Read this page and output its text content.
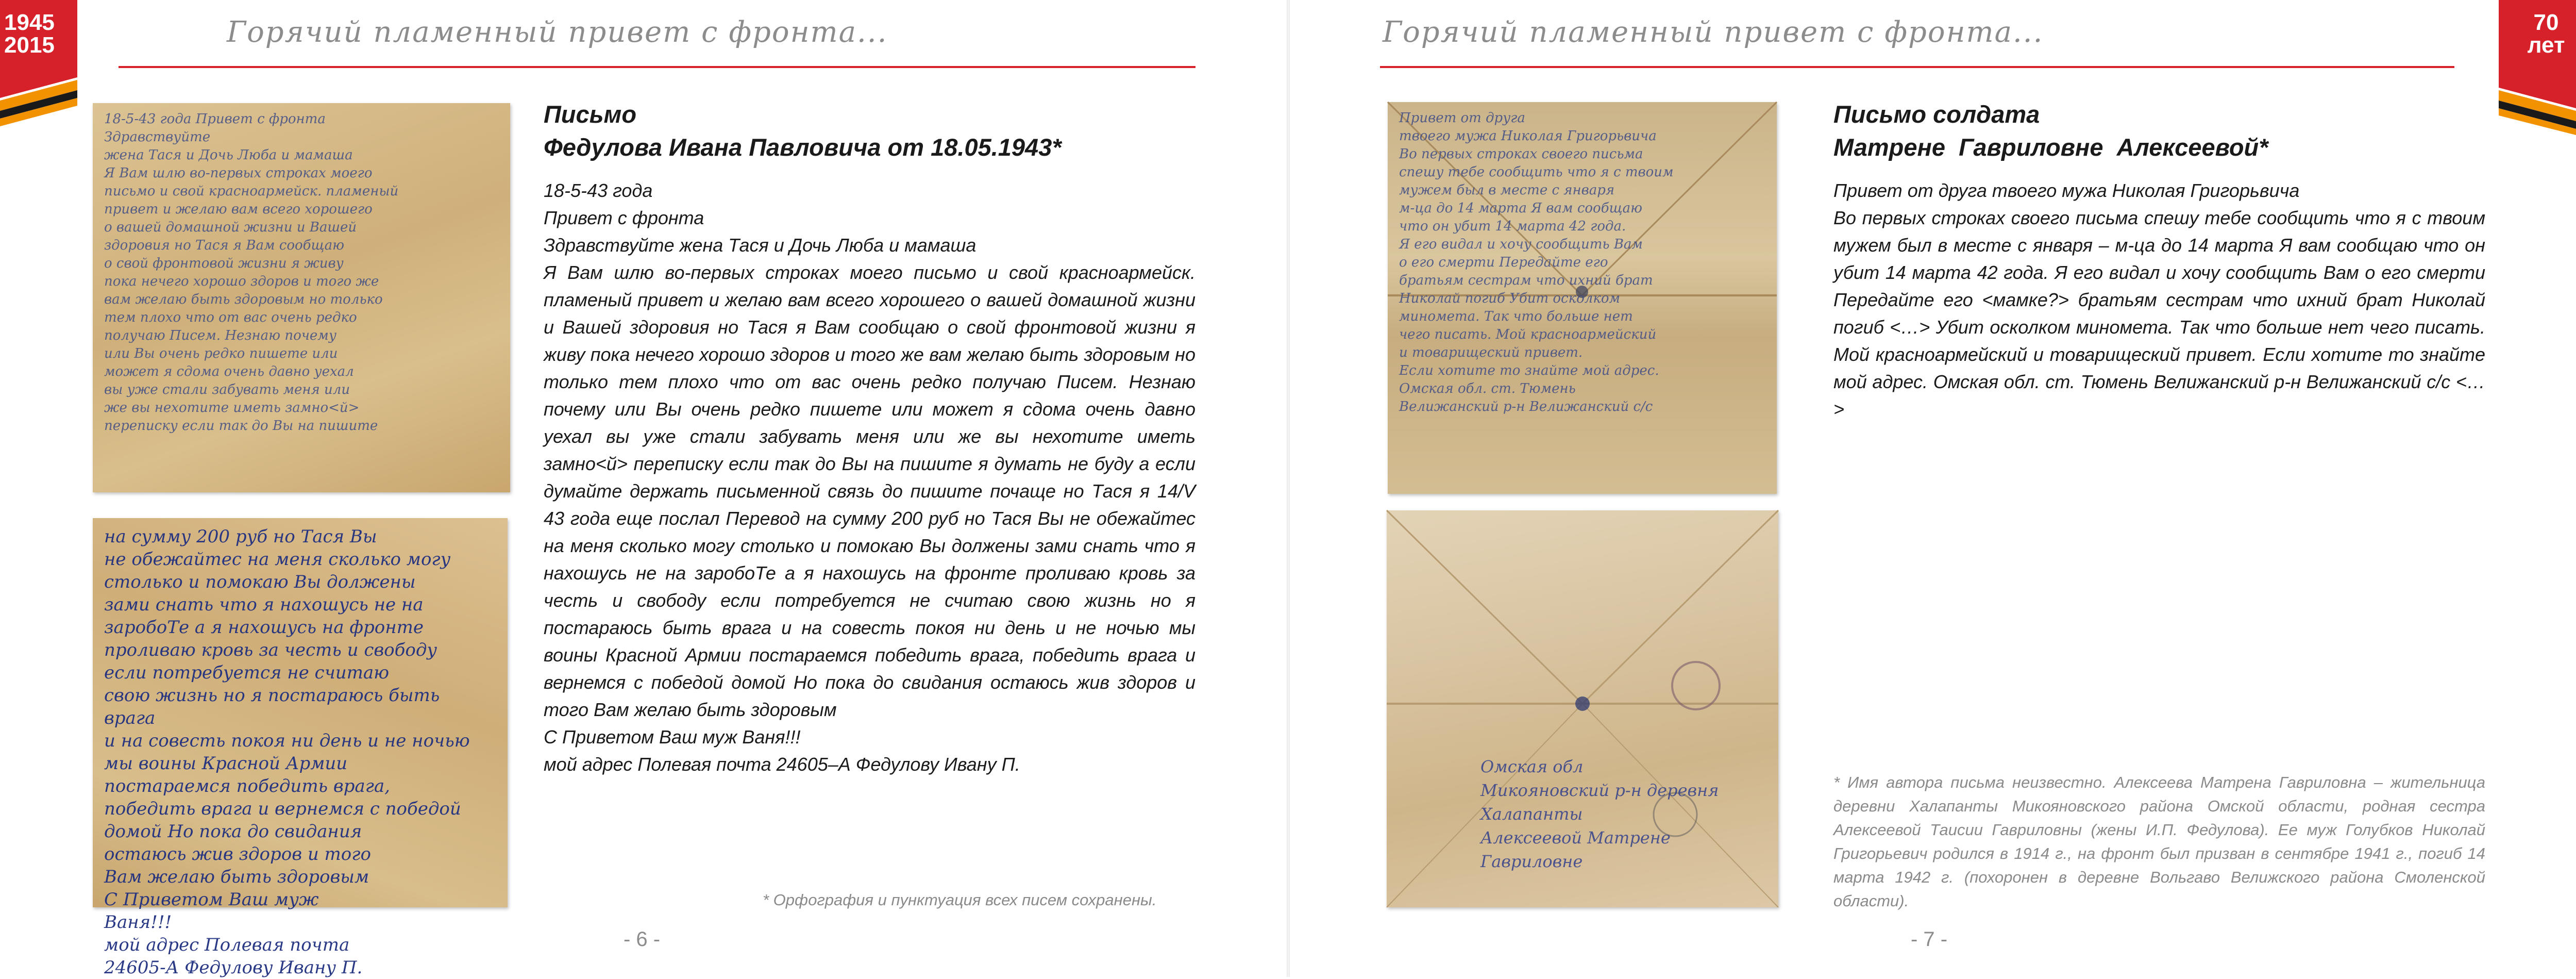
1945
2015	Горячий пламенный привет с фронта...
18-5-43 года Привет с фронта
Здравствуйте
жена Тася и Дочь Люба и мамаша
Я Вам шлю во-первых строках моего
письмо и свой красноармейск. пламеный
привет и желаю вам всего хорошего
о вашей домашной жизни и Вашей
здоровия но Тася я Вам сообщаю
о свой фронтовой жизни я живу
пока нечего хорошо здоров и того же
вам желаю быть здоровым но только
тем плохо что от вас очень редко
получаю Писем. Незнаю почему
или Вы очень редко пишете или
может я сдома очень давно уехал
вы уже стали забувать меня или
же вы нехотите иметь замно<й>
переписку если так до Вы на пишите
на сумму 200 руб но Тася Вы
не обежайтес на меня сколько могу
столько и помокаю Вы должены
зами снать что я нахошусь не на
заробоТе а я нахошусь на фронте
проливаю кровь за честь и свободу
если потребуется не считаю
свою жизнь но я постараюсь быть врага
и на совесть покоя ни день и не ночью
мы воины Красной Армии
постараемся победить врага,
победить врага и вернемся с победой
домой Но пока до свидания
остаюсь жив здоров и того
Вам желаю быть здоровым
С Приветом Ваш муж
Ваня!!!
мой адрес Полевая почта
24605-А Федулову Ивану П.
Письмо
Федулова Ивана Павловича от 18.05.1943*

18-5-43 года

Привет с фронта

Здравствуйте жена Тася и Дочь Люба и мамаша

Я Вам шлю во-первых строках моего письмо и свой красноармейск. пламеный привет и желаю вам всего хорошего о вашей домашной жизни и Вашей здоровия но Тася я Вам сообщаю о свой фронтовой жизни я живу пока нечего хорошо здоров и того же вам желаю быть здоровым но только тем плохо что от вас очень редко получаю Писем. Незнаю почему или Вы очень редко пишете или может я сдома очень давно уехал вы уже стали забувать меня или же вы нехотите иметь замно<й> переписку если так до Вы на пишите я думать не буду а если думайте держать письменной связь до пишите почаще но Тася я 14/V 43 года еще послал Перевод на сумму 200 руб но Тася Вы не обежайтес на меня сколько могу столько и помокаю Вы должены зами снать что я нахошусь не на заробоТе а я нахошусь на фронте проливаю кровь за честь и свободу если потребуется не считаю свою жизнь но я постараюсь быть врага и на совесть покоя ни день и не ночью мы воины Красной Армии постараемся победить врага, победить врага и вернемся с победой домой Но пока до свидания остаюсь жив здоров и того Вам желаю быть здоровым

С Приветом Ваш муж Ваня!!!

мой адрес Полевая почта 24605–А Федулову Ивану П.

* Орфография и пунктуация всех писем сохранены.
- 6 -
70
лет
Горячий пламенный привет с фронта...
Привет от друга
твоего мужа Николая Григорьвича
Во первых строках своего письма
спешу тебе сообщить что я с твоим
мужем был в месте с января
м-ца до 14 марта Я вам сообщаю
что он убит 14 марта 42 года.
Я его видал и хочу сообщить Вам
о его смерти Передайте его
братьям сестрам что ихний брат
Николай погиб Убит осколком
миномета. Так что больше нет
чего писать. Мой красноармейский
и товарищеский привет.
Если хотите то знайте мой адрес.
Омская обл. ст. Тюмень
Велижанский р-н Велижанский с/с
Омская обл
Микояновский р-н деревня
Халапанты
Алексеевой Матрене Гавриловне
Письмо солдата
Матрене  Гавриловне  Алексеевой*

Привет от друга твоего мужа Николая Григорьвича

Во первых строках своего письма спешу тебе сообщить что я с твоим мужем был в месте с января – м-ца до 14 марта Я вам сообщаю что он убит 14 марта 42 года. Я его видал и хочу сообщить Вам о его смерти Передайте его <мамке?> братьям сестрам что ихний брат Николай погиб <…> Убит осколком миномета. Так что больше нет чего писать. Мой красноармейский и товарищеский привет. Если хотите то знайте мой адрес. Омская обл. ст. Тюмень Велижанский р-н Велижанский с/с <…>

* Имя автора письма неизвестно. Алексеева Матрена Гавриловна – жительница деревни Халапанты Микояновского района Омской области, родная сестра Алексеевой Таисии Гавриловны (жены И.П. Федулова). Ее муж Голубков Николай Григорьевич родился в 1914 г., на фронт был призван в сентябре 1941 г., погиб 14 марта 1942 г. (похоронен в деревне Вольгаво Велижского района Смоленской области).
- 7 -
